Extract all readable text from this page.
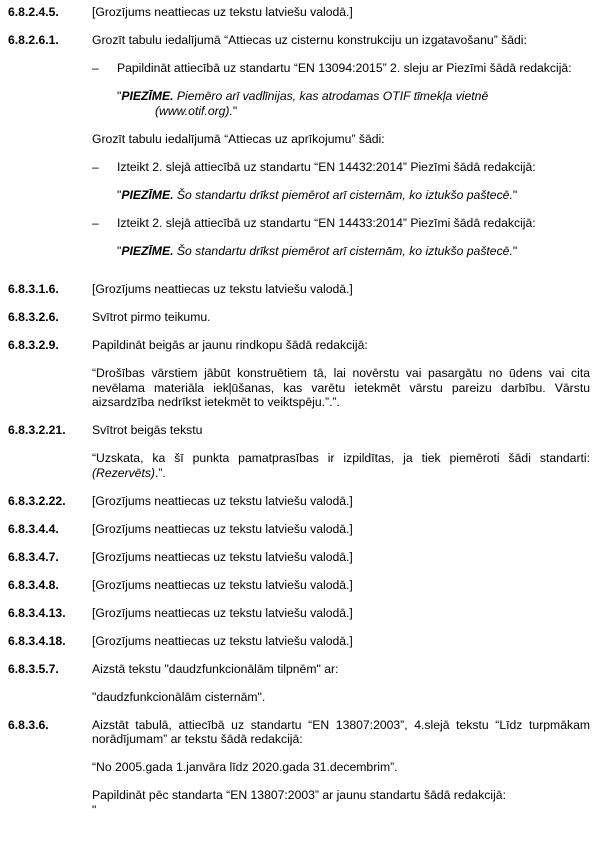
6.8.2.4.5.	[Grozījums neattiecas uz tekstu latviešu valodā.]
6.8.2.6.1.	Grozīt tabulu iedalījumā “Attiecas uz cisternu konstrukciju un izgatavošanu” šādi:
–	Papildināt attiecībā uz standartu “EN 13094:2015” 2. sleju ar Piezīmi šādā redakcijā:
"PIEZĪME. Piemēro arī vadlīnijas, kas atrodamas OTIF tīmekļa vietnē
(www.otif.org)."
Grozīt tabulu iedalījumā “Attiecas uz aprīkojumu” šādi:
–	Izteikt 2. slejā attiecībā uz standartu “EN 14432:2014” Piezīmi šādā redakcijā:
"PIEZĪME. Šo standartu drīkst piemērot arī cisternām, ko iztukšo paštecē."
–	Izteikt 2. slejā attiecībā uz standartu “EN 14433:2014” Piezīmi šādā redakcijā:
"PIEZĪME. Šo standartu drīkst piemērot arī cisternām, ko iztukšo paštecē."
6.8.3.1.6.	[Grozījums neattiecas uz tekstu latviešu valodā.]
6.8.3.2.6.	Svītrot pirmo teikumu.
6.8.3.2.9.	Papildināt beigās ar jaunu rindkopu šādā redakcijā:
“Drošības vārstiem jābūt konstruētiem tā, lai novērstu vai pasargātu no ūdens vai cita nevēlama materiāla iekļūšanas, kas varētu ietekmēt vārstu pareizu darbību. Vārstu aizsardzība nedrīkst ietekmēt to veiktspēju.”.”.
6.8.3.2.21.	Svītrot beigās tekstu
“Uzskata, ka šī punkta pamatprasības ir izpildītas, ja tiek piemēroti šādi standarti: (Rezervēts).”.
6.8.3.2.22.	[Grozījums neattiecas uz tekstu latviešu valodā.]
6.8.3.4.4.	[Grozījums neattiecas uz tekstu latviešu valodā.]
6.8.3.4.7.	[Grozījums neattiecas uz tekstu latviešu valodā.]
6.8.3.4.8.	[Grozījums neattiecas uz tekstu latviešu valodā.]
6.8.3.4.13.	[Grozījums neattiecas uz tekstu latviešu valodā.]
6.8.3.4.18.	[Grozījums neattiecas uz tekstu latviešu valodā.]
6.8.3.5.7.	Aizstā tekstu "daudzfunkcionālām tilpnēm" ar:
"daudzfunkcionālām cisternām".
6.8.3.6.	Aizstāt tabulā, attiecībā uz standartu “EN 13807:2003”, 4.slejā tekstu “Līdz turpmākam norādījumam” ar tekstu šādā redakcijā:
“No 2005.gada 1.janvāra līdz 2020.gada 31.decembrim”.
Papildināt pēc standarta “EN 13807:2003” ar jaunu standartu šādā redakcijā:
"
